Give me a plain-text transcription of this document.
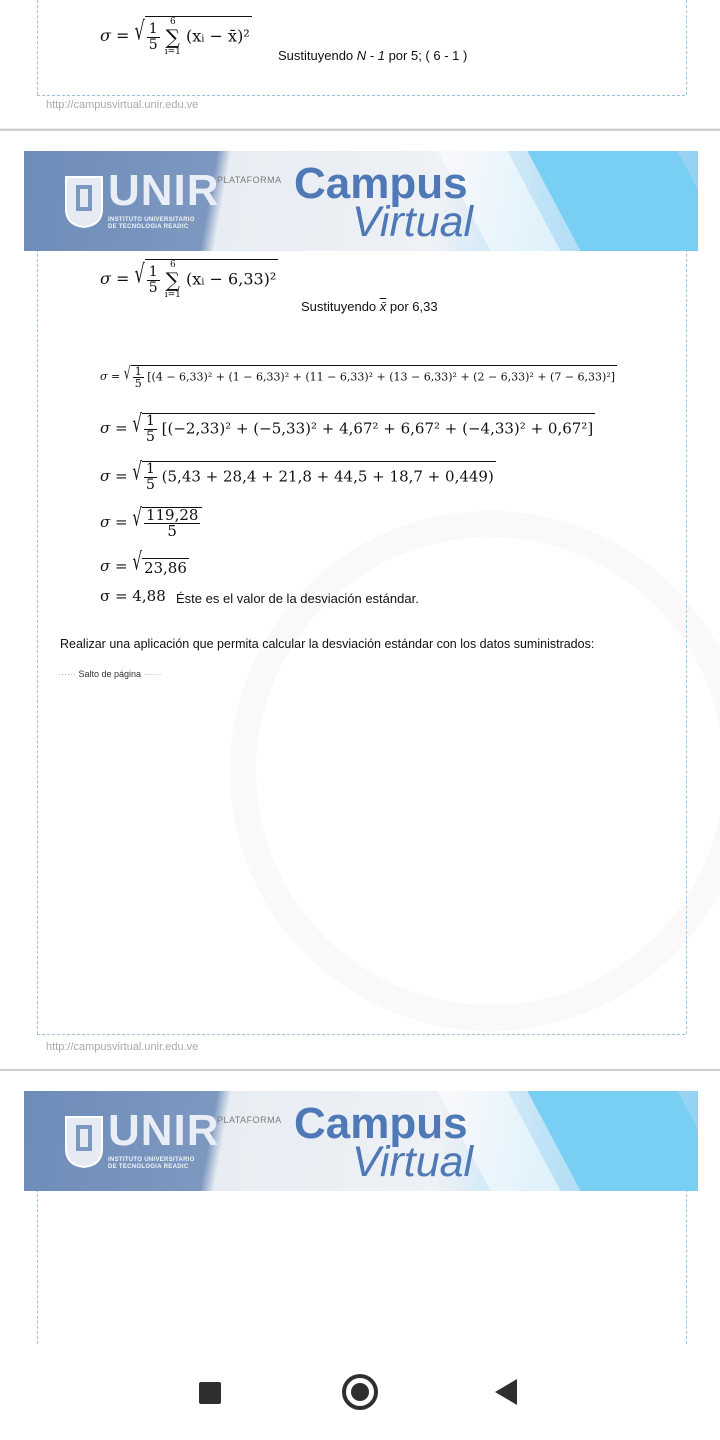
σ = √ $\frac{1}{5} 6$
∑
i=1 (xᵢ − x̄)²
Sustituyendo N - 1 por 5; ( 6 - 1 )
http://campusvirtual.unir.edu.ve
UNIR
INSTITUTO UNIVERSITARIO
DE TECNOLOGIA READIC
PLATAFORMA Campus
Virtual
σ = √ $\frac{1}{5} 6$
∑
i=1 (xᵢ − 6,33)²
Sustituyendo x̄ por 6,33
σ = √ $\frac{1}{5} [(4 - 6,33)^2 + (1 - 6,33)^2 + (11 - 6,33)^2 + (13 - 6,33)^2 + (2 - 6,33)^2 + (7 - 6,33)^2]$
σ = √ $\frac{1}{5} [(-2,33)^2 + (-5,33)^2 + 4,67^2 + 6,67^2 + (-4,33)^2 + 0,67^2]$
σ = √ $\frac{1}{5} (5,43 + 28,4 + 21,8 + 44,5 + 18,7 + 0,449)$
σ = √ $\frac{119,28}{5}$
σ = √ 23,86
σ = 4,88 Éste es el valor de la desviación estándar.
Realizar una aplicación que permita calcular la desviación estándar con los datos suministrados:
······ Salto de página ······
http://campusvirtual.unir.edu.ve
UNIR
INSTITUTO UNIVERSITARIO
DE TECNOLOGIA READIC
PLATAFORMA Campus
Virtual
